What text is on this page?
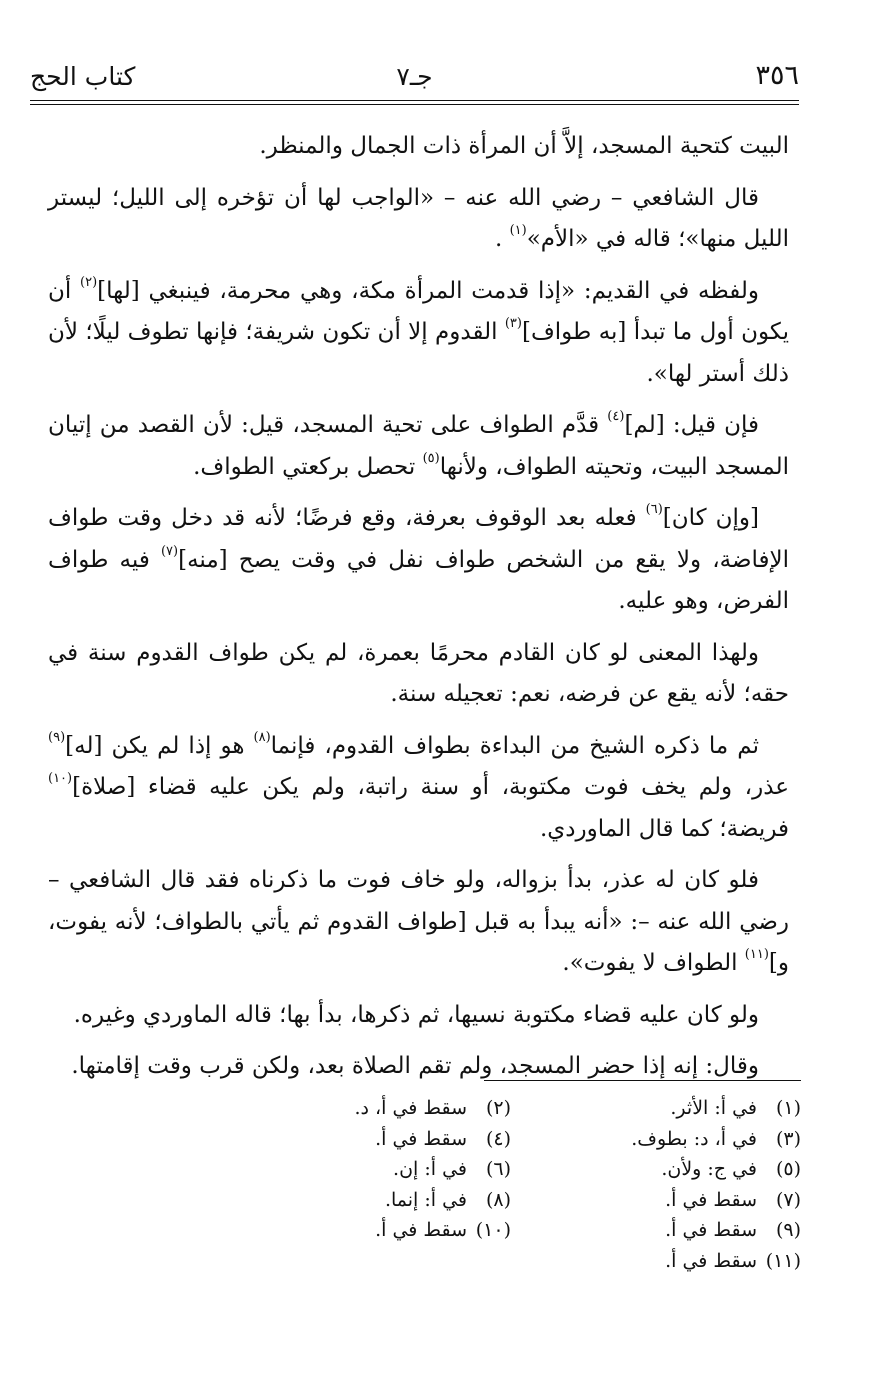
٣٥٦
جـ٧
كتاب الحج

البيت كتحية المسجد، إلاَّ أن المرأة ذات الجمال والمنظر.

قال الشافعي – رضي الله عنه – «الواجب لها أن تؤخره إلى الليل؛ ليستر الليل منها»؛ قاله في «الأم»$^{(١)}$ .

ولفظه في القديم: «إذا قدمت المرأة مكة، وهي محرمة، فينبغي [لها]$^{(٢)}$ أن يكون أول ما تبدأ [به طواف]$^{(٣)}$ القدوم إلا أن تكون شريفة؛ فإنها تطوف ليلًا؛ لأن ذلك أستر لها».

فإن قيل: [لم]$^{(٤)}$ قدَّم الطواف على تحية المسجد، قيل: لأن القصد من إتيان المسجد البيت، وتحيته الطواف، ولأنها$^{(٥)}$ تحصل بركعتي الطواف.

[وإن كان]$^{(٦)}$ فعله بعد الوقوف بعرفة، وقع فرضًا؛ لأنه قد دخل وقت طواف الإفاضة، ولا يقع من الشخص طواف نفل في وقت يصح [منه]$^{(٧)}$ فيه طواف الفرض، وهو عليه.

ولهذا المعنى لو كان القادم محرمًا بعمرة، لم يكن طواف القدوم سنة في حقه؛ لأنه يقع عن فرضه، نعم: تعجيله سنة.

ثم ما ذكره الشيخ من البداءة بطواف القدوم، فإنما$^{(٨)}$ هو إذا لم يكن [له]$^{(٩)}$ عذر، ولم يخف فوت مكتوبة، أو سنة راتبة، ولم يكن عليه قضاء [صلاة]$^{(١٠)}$ فريضة؛ كما قال الماوردي.

فلو كان له عذر، بدأ بزواله، ولو خاف فوت ما ذكرناه فقد قال الشافعي – رضي الله عنه –: «أنه يبدأ به قبل [طواف القدوم ثم يأتي بالطواف؛ لأنه يفوت، و]$^{(١١)}$ الطواف لا يفوت».

ولو كان عليه قضاء مكتوبة نسيها، ثم ذكرها، بدأ بها؛ قاله الماوردي وغيره.

وقال: إنه إذا حضر المسجد، ولم تقم الصلاة بعد، ولكن قرب وقت إقامتها.

(١)في أ: الأثر.
(٣)في أ، د: بطوف.
(٥)في ج: ولأن.
(٧)سقط في أ.
(٩)سقط في أ.
(١١)سقط في أ.
(٢)سقط في أ، د.
(٤)سقط في أ.
(٦)في أ: إن.
(٨)في أ: إنما.
(١٠)سقط في أ.
